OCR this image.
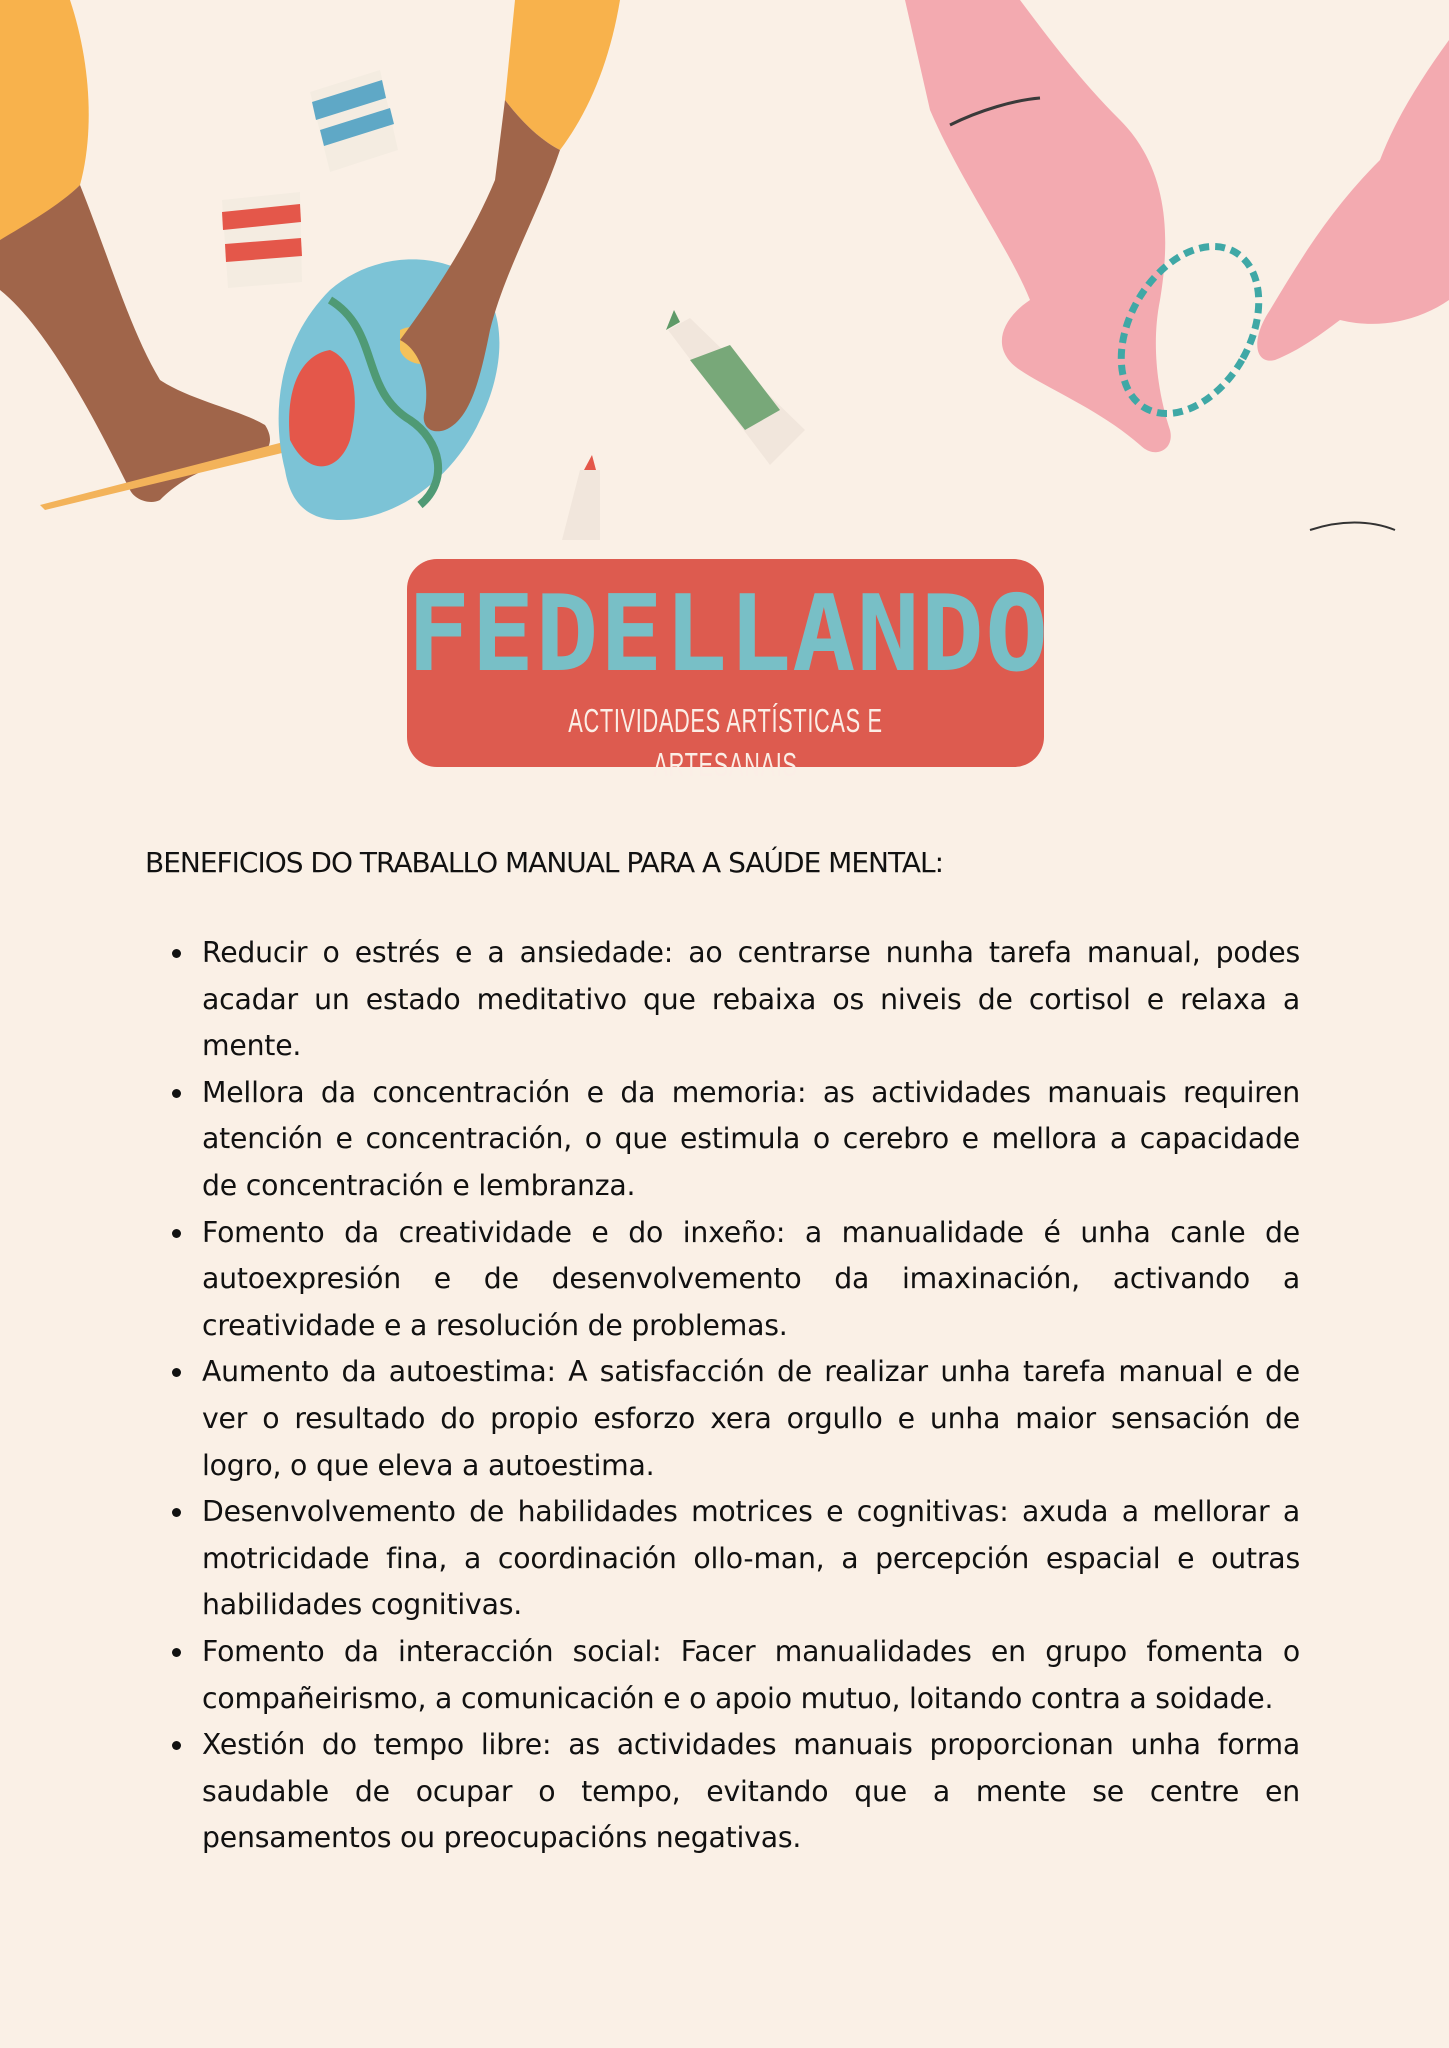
FEDELLANDO
ACTIVIDADES ARTÍSTICAS E ARTESANAIS
BENEFICIOS DO TRABALLO MANUAL PARA A SAÚDE MENTAL:
Reducir o estrés e a ansiedade: ao centrarse nunha tarefa manual, podes acadar un estado meditativo que rebaixa os niveis de cortisol e relaxa a mente.
Mellora da concentración e da memoria: as actividades manuais requiren atención e concentración, o que estimula o cerebro e mellora a capacidade de concentración e lembranza.
Fomento da creatividade e do inxeño: a manualidade é unha canle de autoexpresión e de desenvolvemento da imaxinación, activando a creatividade e a resolución de problemas.
Aumento da autoestima: A satisfacción de realizar unha tarefa manual e de ver o resultado do propio esforzo xera orgullo e unha maior sensación de logro, o que eleva a autoestima.
Desenvolvemento de habilidades motrices e cognitivas: axuda a mellorar a motricidade fina, a coordinación ollo-man, a percepción espacial e outras habilidades cognitivas.
Fomento da interacción social: Facer manualidades en grupo fomenta o compañeirismo, a comunicación e o apoio mutuo, loitando contra a soidade.
Xestión do tempo libre: as actividades manuais proporcionan unha forma saudable de ocupar o tempo, evitando que a mente se centre en pensamentos ou preocupacións negativas.
